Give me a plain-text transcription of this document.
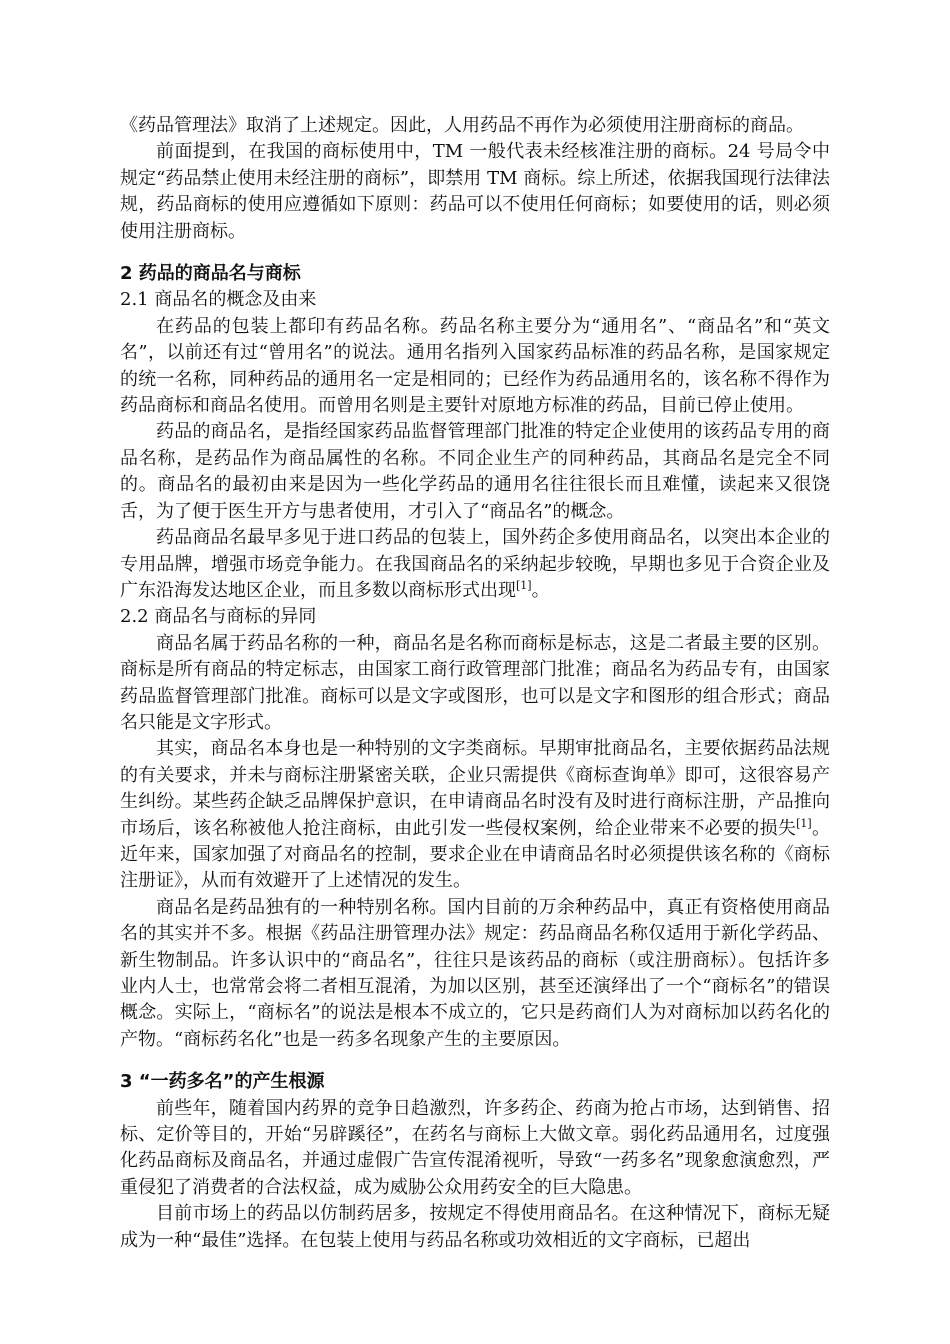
《药品管理法》取消了上述规定。因此，人用药品不再作为必须使用注册商标的商品。

前面提到，在我国的商标使用中，TM 一般代表未经核准注册的商标。24 号局令中规定“药品禁止使用未经注册的商标”，即禁用 TM 商标。综上所述，依据我国现行法律法规，药品商标的使用应遵循如下原则：药品可以不使用任何商标；如要使用的话，则必须使用注册商标。

2 药品的商品名与商标

2.1 商品名的概念及由来

在药品的包装上都印有药品名称。药品名称主要分为“通用名”、“商品名”和“英文名”，以前还有过“曾用名”的说法。通用名指列入国家药品标准的药品名称，是国家规定的统一名称，同种药品的通用名一定是相同的；已经作为药品通用名的，该名称不得作为药品商标和商品名使用。而曾用名则是主要针对原地方标准的药品，目前已停止使用。

药品的商品名，是指经国家药品监督管理部门批准的特定企业使用的该药品专用的商品名称，是药品作为商品属性的名称。不同企业生产的同种药品，其商品名是完全不同的。商品名的最初由来是因为一些化学药品的通用名往往很长而且难懂，读起来又很饶舌，为了便于医生开方与患者使用，才引入了“商品名”的概念。

药品商品名最早多见于进口药品的包装上，国外药企多使用商品名，以突出本企业的专用品牌，增强市场竞争能力。在我国商品名的采纳起步较晚，早期也多见于合资企业及广东沿海发达地区企业，而且多数以商标形式出现[1]。

2.2 商品名与商标的异同

商品名属于药品名称的一种，商品名是名称而商标是标志，这是二者最主要的区别。商标是所有商品的特定标志，由国家工商行政管理部门批准；商品名为药品专有，由国家药品监督管理部门批准。商标可以是文字或图形，也可以是文字和图形的组合形式；商品名只能是文字形式。

其实，商品名本身也是一种特别的文字类商标。早期审批商品名，主要依据药品法规的有关要求，并未与商标注册紧密关联，企业只需提供《商标查询单》即可，这很容易产生纠纷。某些药企缺乏品牌保护意识，在申请商品名时没有及时进行商标注册，产品推向市场后，该名称被他人抢注商标，由此引发一些侵权案例，给企业带来不必要的损失[1]。近年来，国家加强了对商品名的控制，要求企业在申请商品名时必须提供该名称的《商标注册证》，从而有效避开了上述情况的发生。

商品名是药品独有的一种特别名称。国内目前的万余种药品中，真正有资格使用商品名的其实并不多。根据《药品注册管理办法》规定：药品商品名称仅适用于新化学药品、新生物制品。许多认识中的“商品名”，往往只是该药品的商标（或注册商标）。包括许多业内人士，也常常会将二者相互混淆，为加以区别，甚至还演绎出了一个“商标名”的错误概念。实际上，“商标名”的说法是根本不成立的，它只是药商们人为对商标加以药名化的产物。“商标药名化”也是一药多名现象产生的主要原因。

3 “一药多名”的产生根源

前些年，随着国内药界的竞争日趋激烈，许多药企、药商为抢占市场，达到销售、招标、定价等目的，开始“另辟蹊径”，在药名与商标上大做文章。弱化药品通用名，过度强化药品商标及商品名，并通过虚假广告宣传混淆视听，导致“一药多名”现象愈演愈烈，严重侵犯了消费者的合法权益，成为威胁公众用药安全的巨大隐患。

目前市场上的药品以仿制药居多，按规定不得使用商品名。在这种情况下，商标无疑成为一种“最佳”选择。在包装上使用与药品名称或功效相近的文字商标，已超出
